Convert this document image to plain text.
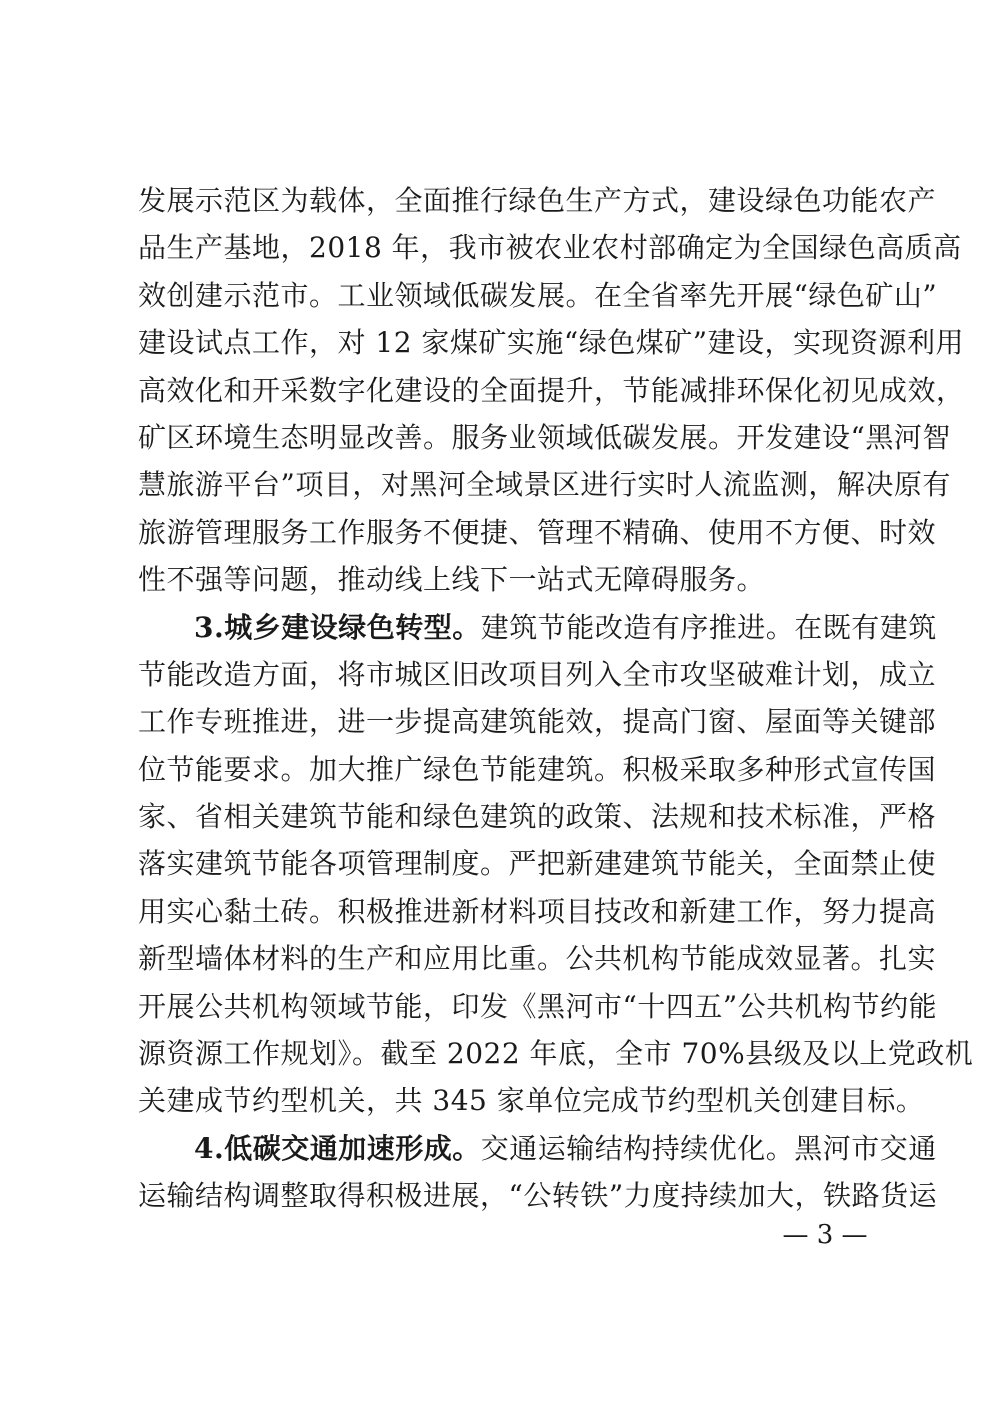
发展示范区为载体，全面推行绿色生产方式，建设绿色功能农产
品生产基地，2018 年，我市被农业农村部确定为全国绿色高质高
效创建示范市。工业领域低碳发展。在全省率先开展“绿色矿山”
建设试点工作，对 12 家煤矿实施“绿色煤矿”建设，实现资源利用
高效化和开采数字化建设的全面提升，节能减排环保化初见成效，
矿区环境生态明显改善。服务业领域低碳发展。开发建设“黑河智
慧旅游平台”项目，对黑河全域景区进行实时人流监测，解决原有
旅游管理服务工作服务不便捷、管理不精确、使用不方便、时效
性不强等问题，推动线上线下一站式无障碍服务。
3.城乡建设绿色转型。建筑节能改造有序推进。在既有建筑
节能改造方面，将市城区旧改项目列入全市攻坚破难计划，成立
工作专班推进，进一步提高建筑能效，提高门窗、屋面等关键部
位节能要求。加大推广绿色节能建筑。积极采取多种形式宣传国
家、省相关建筑节能和绿色建筑的政策、法规和技术标准，严格
落实建筑节能各项管理制度。严把新建建筑节能关，全面禁止使
用实心黏土砖。积极推进新材料项目技改和新建工作，努力提高
新型墙体材料的生产和应用比重。公共机构节能成效显著。扎实
开展公共机构领域节能，印发《黑河市“十四五”公共机构节约能
源资源工作规划》。截至 2022 年底，全市 70%县级及以上党政机
关建成节约型机关，共 345 家单位完成节约型机关创建目标。
4.低碳交通加速形成。交通运输结构持续优化。黑河市交通
运输结构调整取得积极进展，“公转铁”力度持续加大，铁路货运
— 3 —
